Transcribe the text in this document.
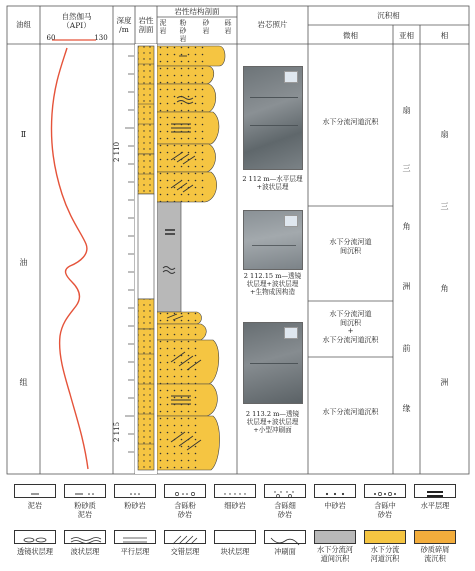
油组
自然伽马
（API）
60	130
深度
/m
岩性
剖面
岩性结构剖面
泥岩
粉砂岩
砂岩
砾岩
岩芯照片
沉积相
微相	亚相	相
Ⅱ
油
组
2 110
2 115
2 112 m—水平层理
+波状层理
2 112.15 m—透镜
状层理+波状层理
+生物成因构造
2 113.2 m—透镜
状层理+波状层理
+小型冲刷面
水下分流河道沉积
水下分流河道
间沉积
水下分流河道
间沉积
+
水下分流河道沉积
水下分流河道沉积
扇
三
角
洲
前
缘
扇
三
角
洲
泥岩	粉砂质
泥岩
粉砂岩	含砾粉
砂岩
细砂岩	含砾细
砂岩
中砂岩	含砾中
砂岩
水平层理
透镜状层理	波状层理	平行层理	交错层理	块状层理	冲刷面	水下分流河
道间沉积
水下分流
河道沉积
砂质碎屑
流沉积
